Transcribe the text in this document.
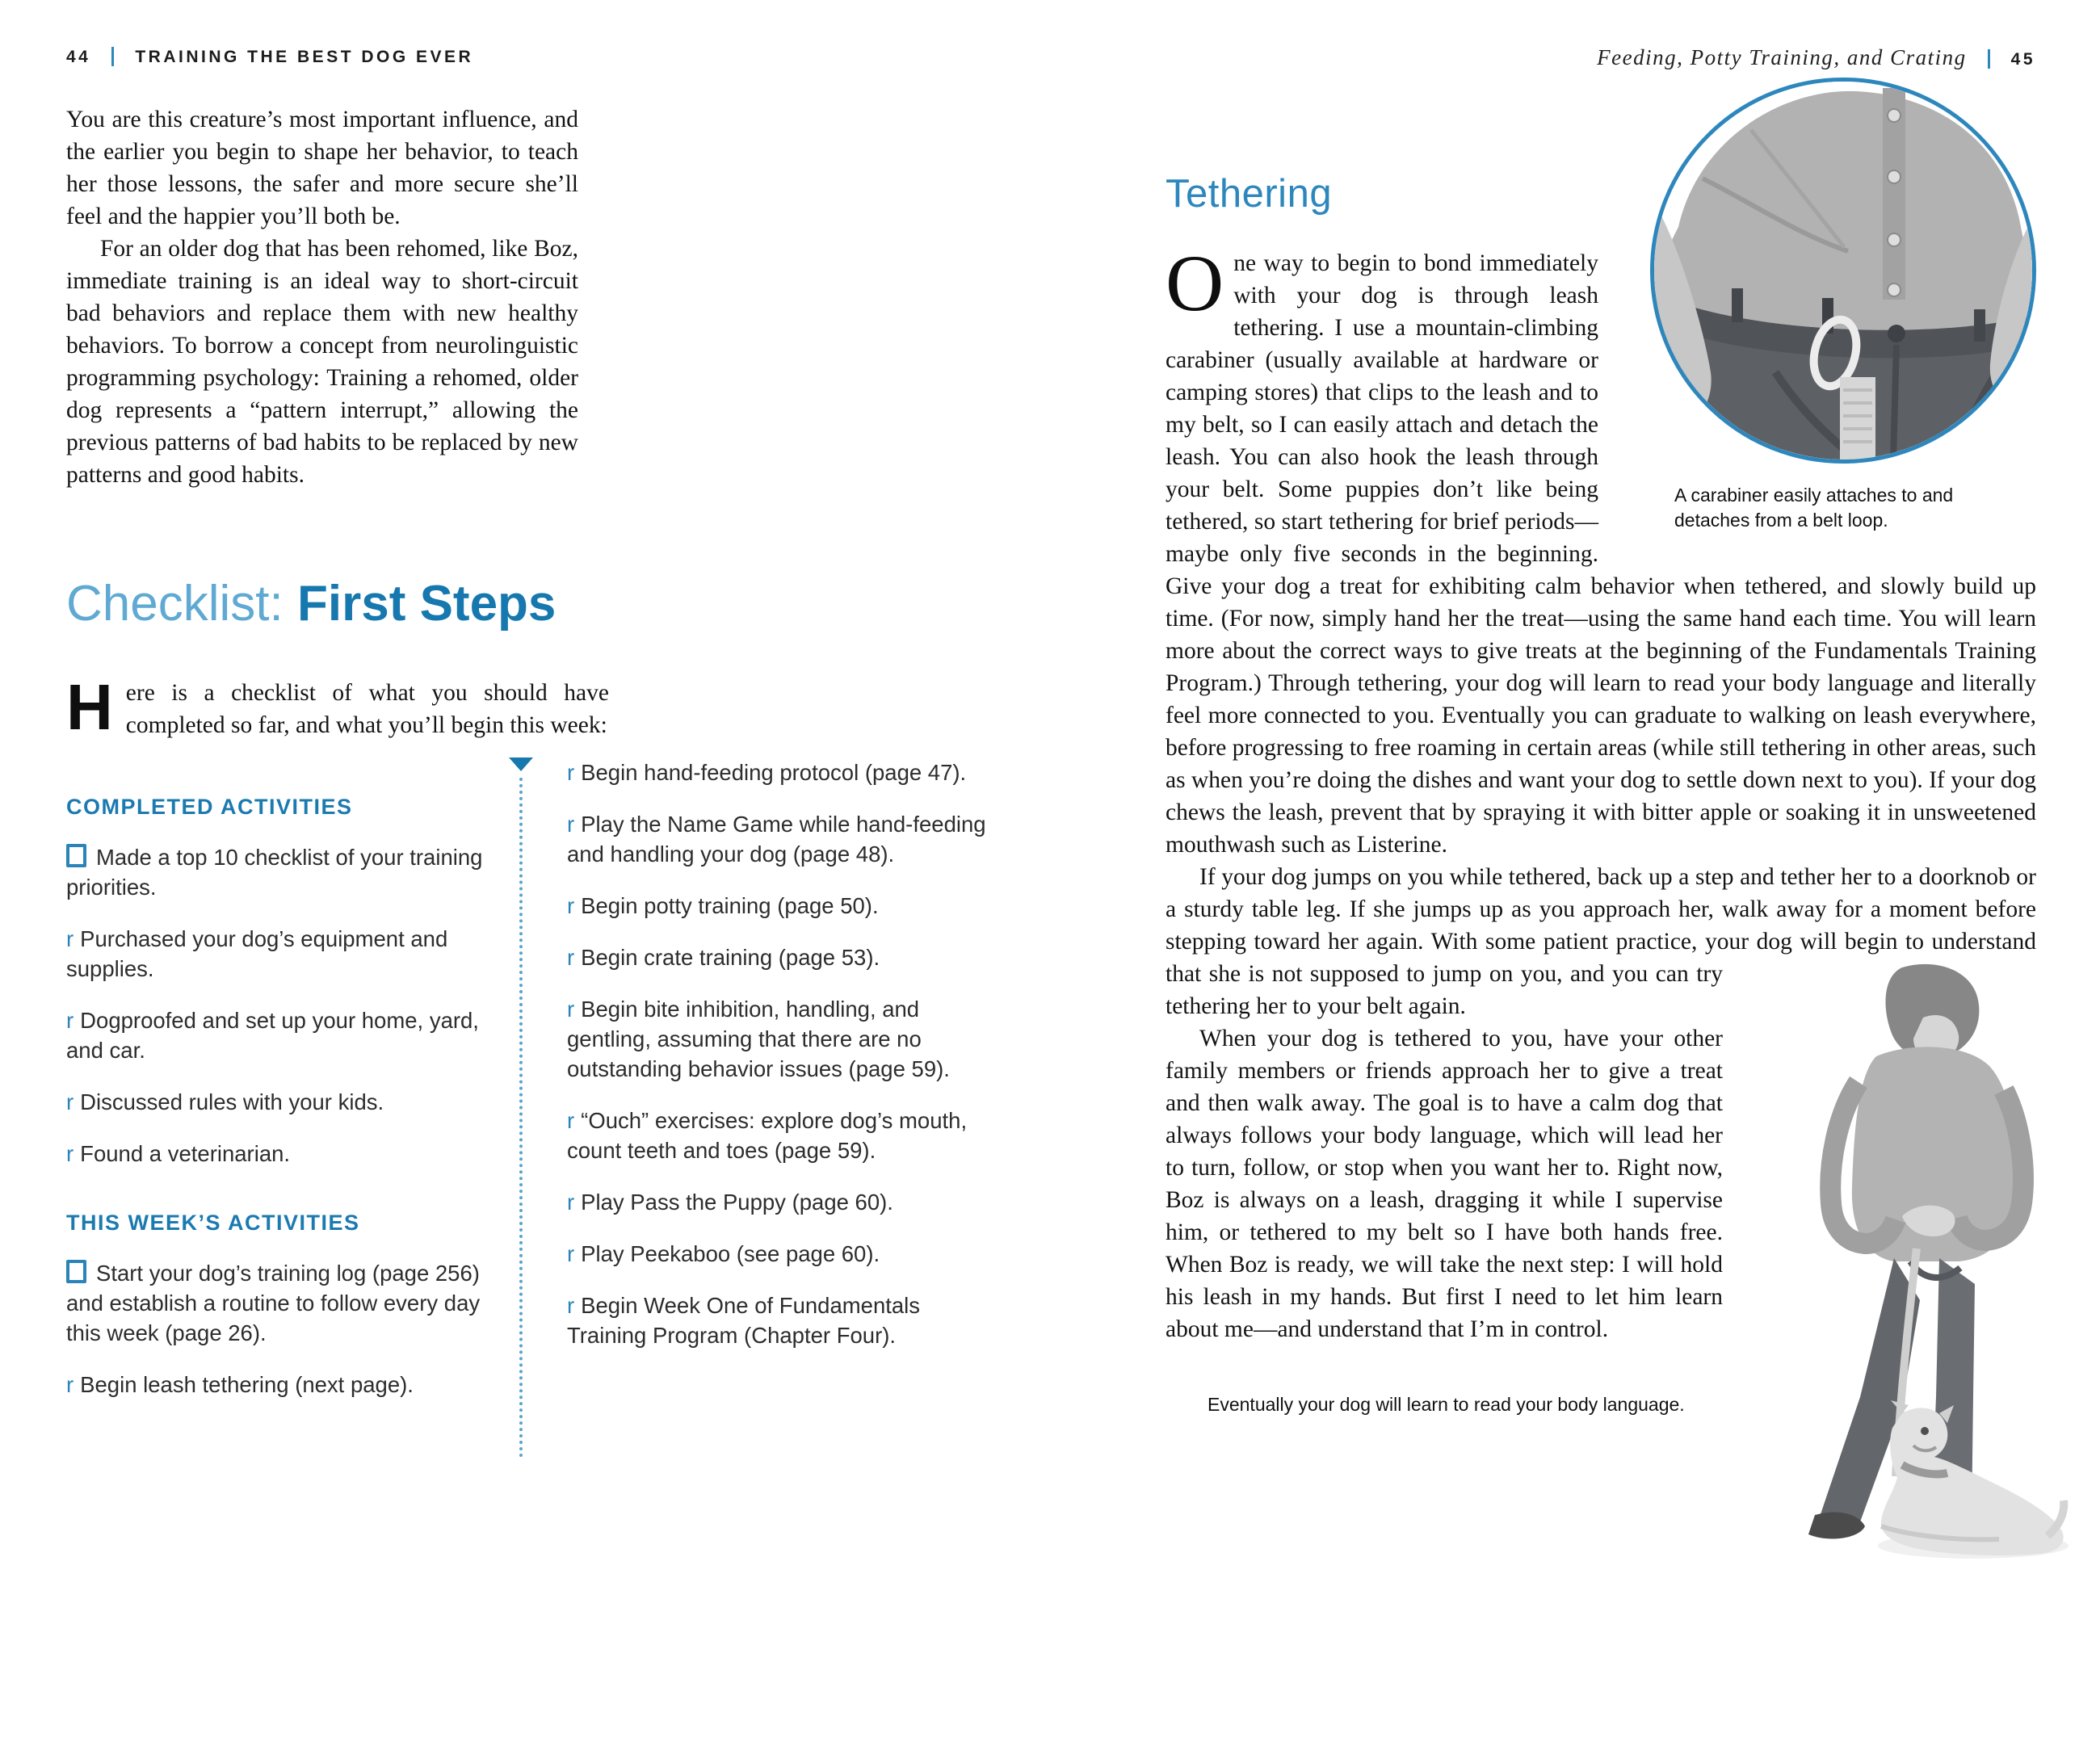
44	TRAINING THE BEST DOG EVER

You are this creature’s most important influence, and the earlier you begin to shape her behavior, to teach her those lessons, the safer and more secure she’ll feel and the happier you’ll both be.

For an older dog that has been rehomed, like Boz, immediate training is an ideal way to short-circuit bad behaviors and replace them with new healthy behaviors. To borrow a concept from neurolinguistic programming psychology: Training a rehomed, older dog represents a “pattern interrupt,” allowing the previous patterns of bad habits to be replaced by new patterns and good habits.

Checklist: First Steps
Here is a checklist of what you should have completed so far, and what you’ll begin this week:
COMPLETED ACTIVITIES
Made a top 10 checklist of your training priorities.
r Purchased your dog’s equipment and supplies.
r Dogproofed and set up your home, yard, and car.
r Discussed rules with your kids.
r Found a veterinarian.
THIS WEEK’S ACTIVITIES
Start your dog’s training log (page 256) and establish a routine to follow every day this week (page 26).
r Begin leash tethering (next page).
r Begin hand-feeding protocol (page 47).
r Play the Name Game while hand-feeding and handling your dog (page 48).
r Begin potty training (page 50).
r Begin crate training (page 53).
r Begin bite inhibition, handling, and gentling, assuming that there are no outstanding behavior issues (page 59).
r “Ouch” exercises: explore dog’s mouth, count teeth and toes (page 59).
r Play Pass the Puppy (page 60).
r Play Peekaboo (see page 60).
r Begin Week One of Fundamentals Training Program (Chapter Four).
Feeding, Potty Training, and Crating	45
A carabiner easily attaches to and detaches from a belt loop.
Tethering

One way to begin to bond immediately with your dog is through leash tethering. I use a mountain-climbing carabiner (usually available at hardware or camping stores) that clips to the leash and to my belt, so I can easily attach and detach the leash. You can also hook the leash through your belt. Some puppies don’t like being tethered, so start tethering for brief periods—maybe only five seconds in the beginning. Give your dog a treat for exhibiting calm behavior when tethered, and slowly build up time. (For now, simply hand her the treat—using the same hand each time. You will learn more about the correct ways to give treats at the beginning of the Fundamentals Training Program.) Through tethering, your dog will learn to read your body language and literally feel more connected to you. Eventually you can graduate to walking on leash everywhere, before progressing to free roaming in certain areas (while still tethering in other areas, such as when you’re doing the dishes and want your dog to settle down next to you). If your dog chews the leash, prevent that by spraying it with bitter apple or soaking it in unsweetened mouthwash such as Listerine.

If your dog jumps on you while tethered, back up a step and tether her to a doorknob or a sturdy table leg. If she jumps up as you approach her, walk away for a moment before stepping toward her again. With some patient practice, your dog will begin to understand that she is not supposed to
jump on you, and you can try tethering her to your belt again.

When your dog is tethered to you, have your other family members or friends approach her to give a treat and then walk away. The goal is to have a calm dog that always follows your body language, which will lead her to turn, follow, or stop when you want her to. Right now, Boz is always on a leash, dragging it while I supervise him, or tethered to my belt so I have both hands free. When Boz is ready, we will take the next step: I will hold his leash in my hands. But first I need to let him learn about me—and understand that I’m in control.

Eventually your dog will learn to read your body language.
